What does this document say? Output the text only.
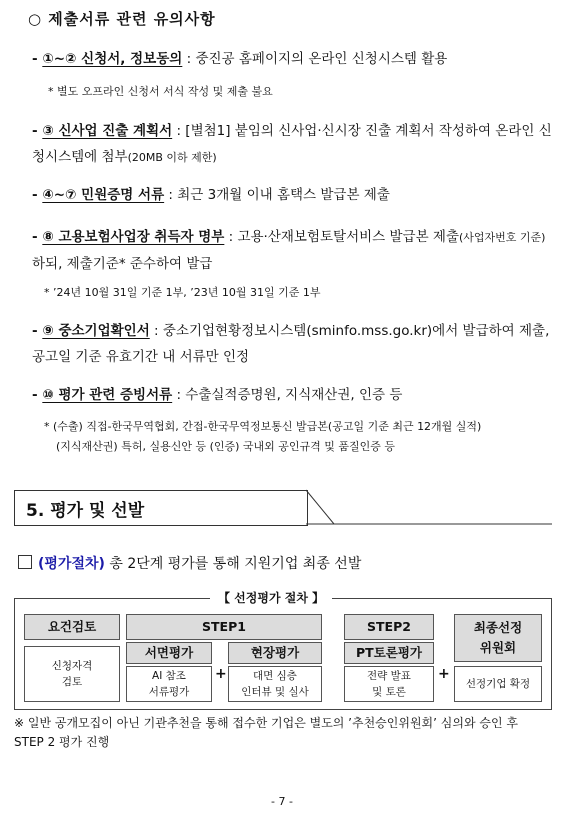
○ 제출서류 관련 유의사항
- ①~② 신청서, 정보동의 : 중진공 홈페이지의 온라인 신청시스템 활용
* 별도 오프라인 신청서 서식 작성 및 제출 불요
- ③ 신사업 진출 계획서 : [별첨1] 붙임의 신사업·신시장 진출 계획서 작성하여 온라인 신청시스템에 첨부(20MB 이하 제한)
- ④~⑦ 민원증명 서류 : 최근 3개월 이내 홈택스 발급본 제출
- ⑧ 고용보험사업장 취득자 명부 : 고용·산재보험토탈서비스 발급본 제출(사업자번호 기준)하되, 제출기준* 준수하여 발급
* ’24년 10월 31일 기준 1부, ’23년 10월 31일 기준 1부
- ⑨ 중소기업확인서 : 중소기업현황정보시스템(sminfo.mss.go.kr)에서 발급하여 제출, 공고일 기준 유효기간 내 서류만 인정
- ⑩ 평가 관련 증빙서류 : 수출실적증명원, 지식재산권, 인증 등
* (수출) 직접-한국무역협회, 간접-한국무역정보통신 발급본(공고일 기준 최근 12개월 실적)
(지식재산권) 특허, 실용신안 등 (인증) 국내외 공인규격 및 품질인증 등
5. 평가 및 선발
(평가절차) 총 2단계 평가를 통해 지원기업 최종 선발
【 선정평가 절차 】
요건검토
신청자격
검토
STEP1
서면평가
AI 참조
서류평가
+
현장평가
대면 심층
인터뷰 및 실사
STEP2
PT토론평가
전략 발표
및 토론
+
최종선정
위원회
선정기업 확정
※ 일반 공개모집이 아닌 기관추천을 통해 접수한 기업은 별도의 ’추천승인위원회’ 심의와 승인 후 STEP 2 평가 진행
- 7 -
